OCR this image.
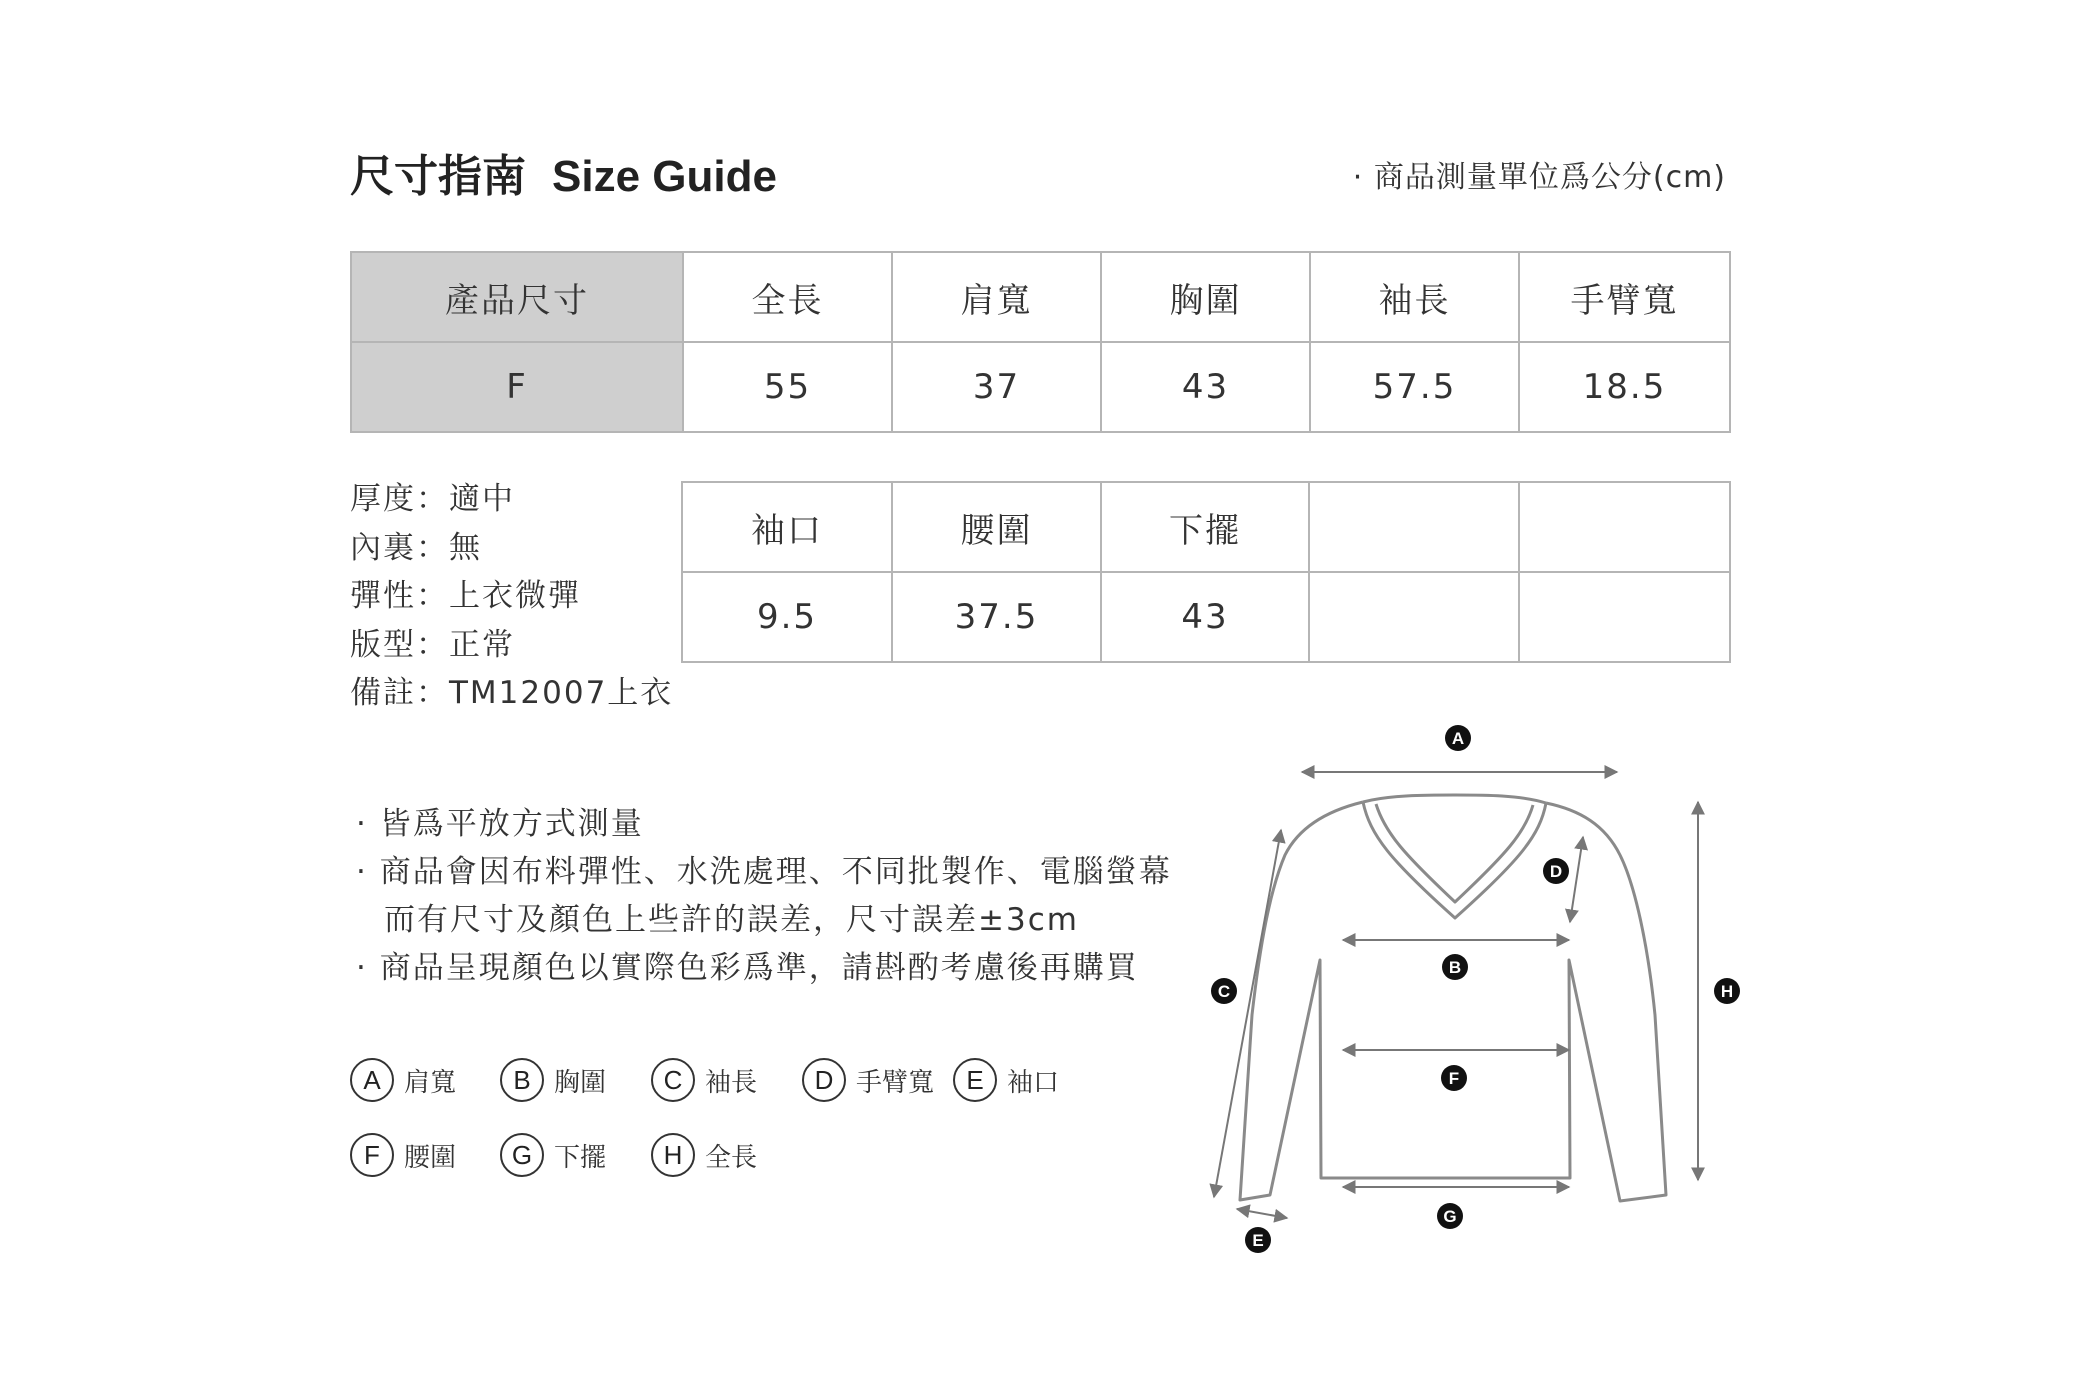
尺寸指南 Size Guide	· 商品測量單位爲公分(cm)
產品尺寸	全長	肩寬	胸圍	袖長	手臂寬
F	55	37	43	57.5	18.5
厚度：適中
內裏：無
彈性：上衣微彈
版型：正常
備註：TM12007上衣
袖口	腰圍	下擺		
9.5	37.5	43		
· 皆爲平放方式測量
· 商品會因布料彈性、水洗處理、不同批製作、電腦螢幕
而有尺寸及顏色上些許的誤差，尺寸誤差±3cm
· 商品呈現顏色以實際色彩爲準，請斟酌考慮後再購買
A 肩寬	B 胸圍	C 袖長	D 手臂寬	E 袖口
F 腰圍	G 下擺	H 全長
A
B
C
D
E
F
G
H
